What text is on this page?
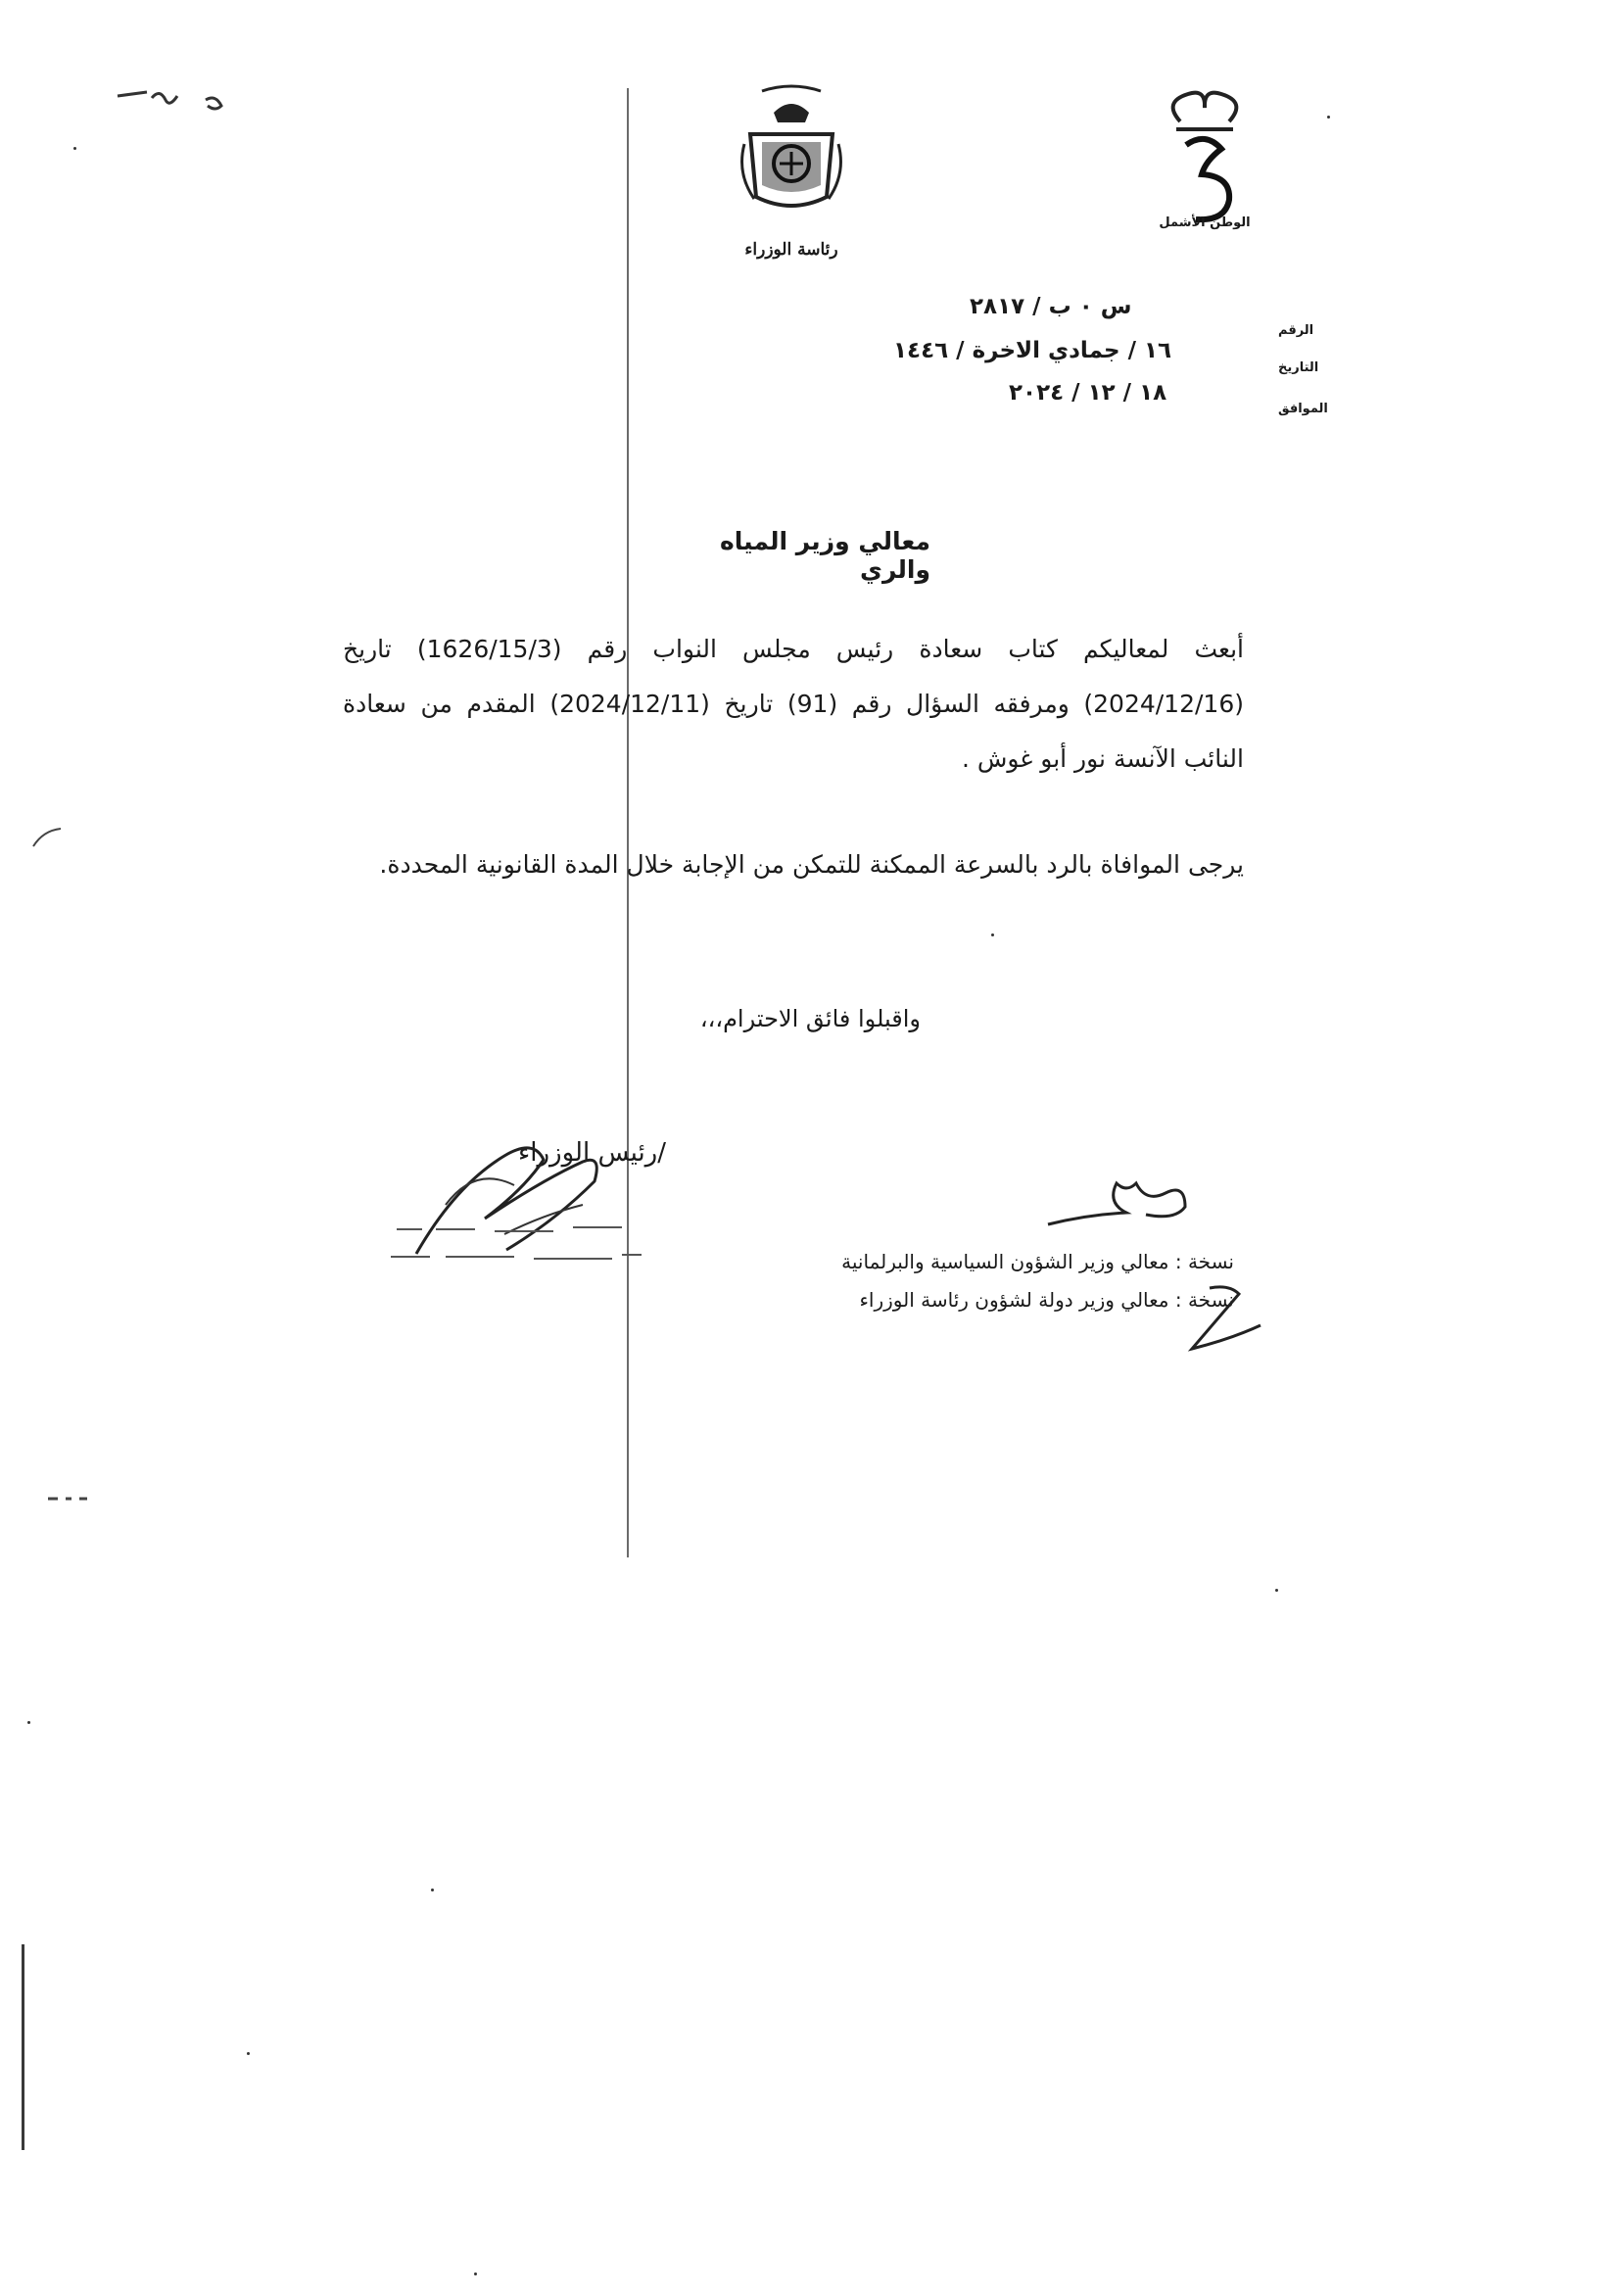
رئاسة الوزراء
الوطن الأشمل
الرقم
س ٠ ب / ٢٨١٧
التاريخ
١٦ / جمادي الاخرة / ١٤٤٦
الموافق
١٨ / ١٢ / ٢٠٢٤
معالي وزير المياه والري
أبعث لمعاليكم كتاب سعادة رئيس مجلس النواب رقم (1626/15/3) تاريخ (2024/12/16) ومرفقه السؤال رقم (91) تاريخ (2024/12/11) المقدم من سعادة النائب الآنسة نور أبو غوش .
يرجى الموافاة بالرد بالسرعة الممكنة للتمكن من الإجابة خلال المدة القانونية المحددة.
واقبلوا فائق الاحترام،،،
/رئيس الوزراء
نسخة : معالي وزير الشؤون السياسية والبرلمانية
نسخة : معالي وزير دولة لشؤون رئاسة الوزراء
